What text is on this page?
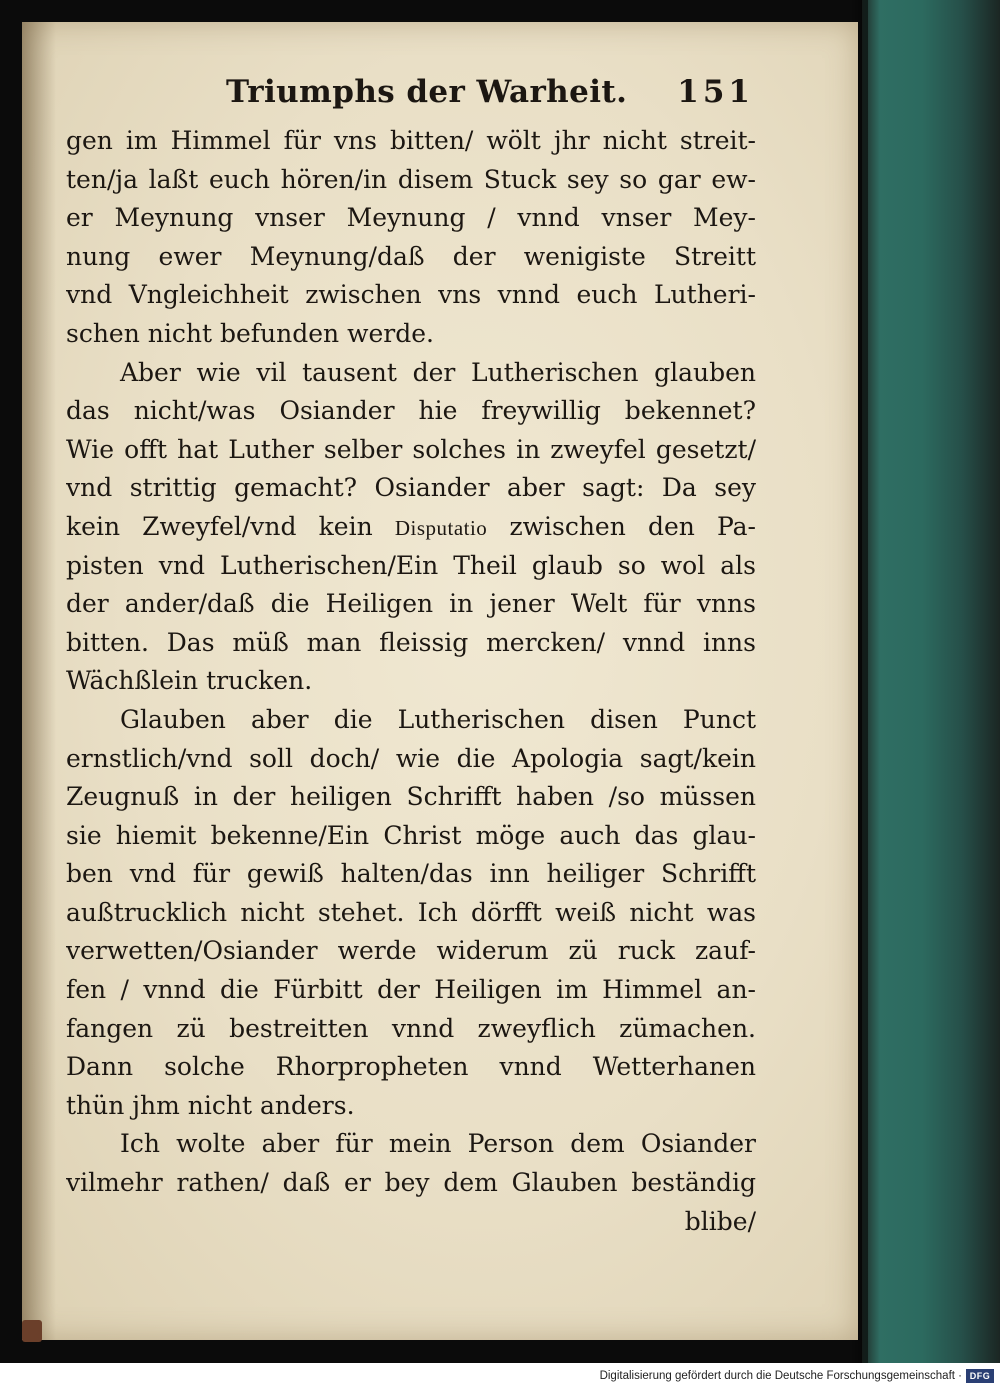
Triumphs der Warheit. 151
gen im Himmel für vns bitten/ wölt jhr nicht streit-
ten/ja laßt euch hören/in disem Stuck sey so gar ew-
er Meynung vnser Meynung / vnnd vnser Mey-
nung ewer Meynung/daß der wenigiste Streitt
vnd Vngleichheit zwischen vns vnnd euch Lutheri-
schen nicht befunden werde.
Aber wie vil tausent der Lutherischen glauben
das nicht/was Osiander hie freywillig bekennet?
Wie offt hat Luther selber solches in zweyfel gesetzt/
vnd strittig gemacht? Osiander aber sagt: Da sey
kein Zweyfel/vnd kein Disputatio zwischen den Pa-
pisten vnd Lutherischen/Ein Theil glaub so wol als
der ander/daß die Heiligen in jener Welt für vnns
bitten. Das müß man fleissig mercken/ vnnd inns
Wächßlein trucken.
Glauben aber die Lutherischen disen Punct
ernstlich/vnd soll doch/ wie die Apologia sagt/kein
Zeugnuß in der heiligen Schrifft haben /so müssen
sie hiemit bekenne/Ein Christ möge auch das glau-
ben vnd für gewiß halten/das inn heiliger Schrifft
außtrucklich nicht stehet. Ich dörfft weiß nicht was
verwetten/Osiander werde widerum zü ruck zauf-
fen / vnnd die Fürbitt der Heiligen im Himmel an-
fangen zü bestreitten vnnd zweyflich zümachen.
Dann solche Rhorpropheten vnnd Wetterhanen
thün jhm nicht anders.
Ich wolte aber für mein Person dem Osiander
vilmehr rathen/ daß er bey dem Glauben beständig
blibe/
Digitalisierung gefördert durch die Deutsche Forschungsgemeinschaft · DFG
